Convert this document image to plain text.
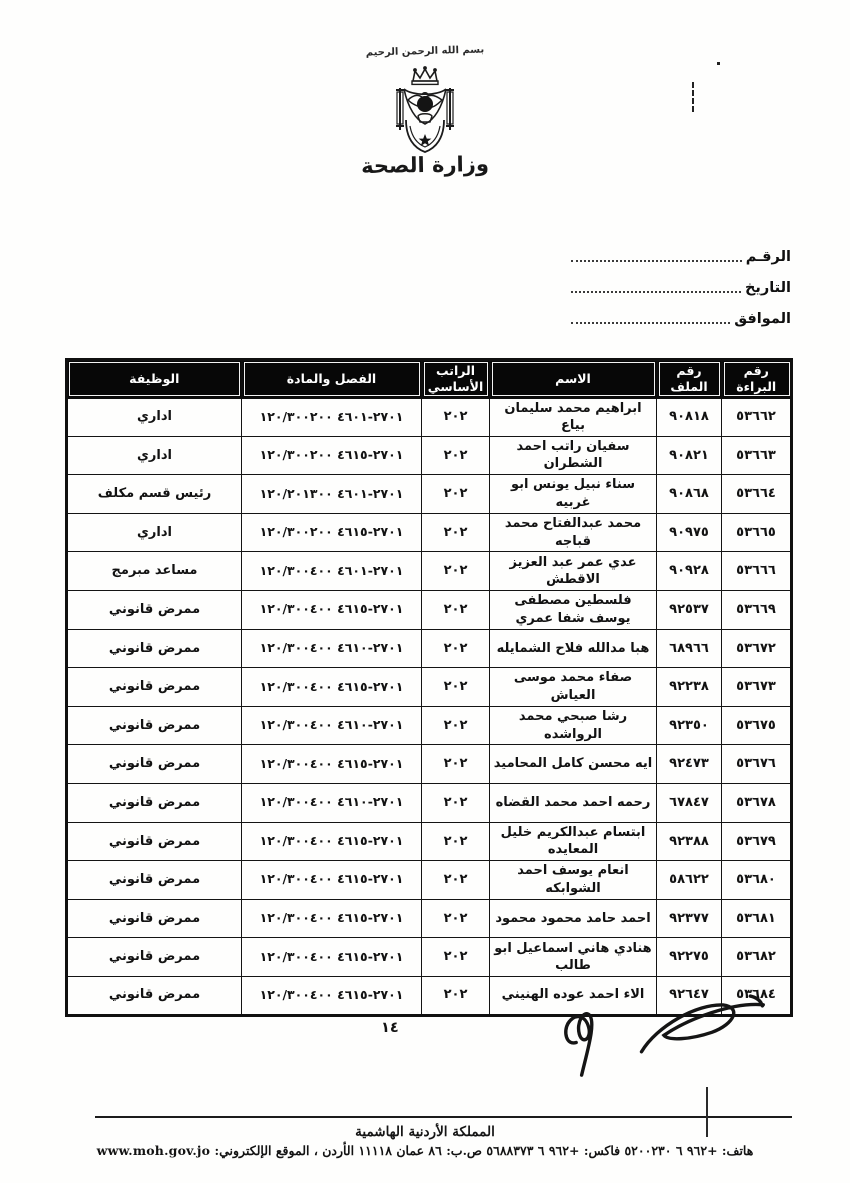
بسم الله الرحمن الرحيم
وزارة الصحة
الرقـم
التاريخ
الموافق
رقم البراءة	رقم الملف	الاسم	الراتب الأساسي	الفصل والمادة	الوظيفة
٥٣٦٦٢	٩٠٨١٨	ابراهيم محمد سليمان بياع	٢٠٢	٢٧٠١-٤٦٠١ ١٢٠/٣٠٠٢٠٠	اداري
٥٣٦٦٣	٩٠٨٢١	سفيان راتب احمد الشطران	٢٠٢	٢٧٠١-٤٦١٥ ١٢٠/٣٠٠٢٠٠	اداري
٥٣٦٦٤	٩٠٨٦٨	سناء نبيل يونس ابو غربيه	٢٠٢	٢٧٠١-٤٦٠١ ١٢٠/٢٠١٣٠٠	رئيس قسم مكلف
٥٣٦٦٥	٩٠٩٧٥	محمد عبدالفتاح محمد قباجه	٢٠٢	٢٧٠١-٤٦١٥ ١٢٠/٣٠٠٢٠٠	اداري
٥٣٦٦٦	٩٠٩٢٨	عدي عمر عبد العزيز الاقطش	٢٠٢	٢٧٠١-٤٦٠١ ١٢٠/٣٠٠٤٠٠	مساعد مبرمج
٥٣٦٦٩	٩٢٥٣٧	فلسطين مصطفى يوسف شفا عمري	٢٠٢	٢٧٠١-٤٦١٥ ١٢٠/٣٠٠٤٠٠	ممرض قانوني
٥٣٦٧٢	٦٨٩٦٦	هبا مدالله فلاح الشمايله	٢٠٢	٢٧٠١-٤٦١٠ ١٢٠/٣٠٠٤٠٠	ممرض قانوني
٥٣٦٧٣	٩٢٢٣٨	صفاء محمد موسى العياش	٢٠٢	٢٧٠١-٤٦١٥ ١٢٠/٣٠٠٤٠٠	ممرض قانوني
٥٣٦٧٥	٩٢٣٥٠	رشا صبحي محمد الرواشده	٢٠٢	٢٧٠١-٤٦١٠ ١٢٠/٣٠٠٤٠٠	ممرض قانوني
٥٣٦٧٦	٩٢٤٧٣	ايه محسن كامل المحاميد	٢٠٢	٢٧٠١-٤٦١٥ ١٢٠/٣٠٠٤٠٠	ممرض قانوني
٥٣٦٧٨	٦٧٨٤٧	رحمه احمد محمد القضاه	٢٠٢	٢٧٠١-٤٦١٠ ١٢٠/٣٠٠٤٠٠	ممرض قانوني
٥٣٦٧٩	٩٢٣٨٨	ابتسام عبدالكريم خليل المعايده	٢٠٢	٢٧٠١-٤٦١٥ ١٢٠/٣٠٠٤٠٠	ممرض قانوني
٥٣٦٨٠	٥٨٦٢٢	انعام يوسف احمد الشوابكه	٢٠٢	٢٧٠١-٤٦١٥ ١٢٠/٣٠٠٤٠٠	ممرض قانوني
٥٣٦٨١	٩٢٣٧٧	احمد حامد محمود محمود	٢٠٢	٢٧٠١-٤٦١٥ ١٢٠/٣٠٠٤٠٠	ممرض قانوني
٥٣٦٨٢	٩٢٢٧٥	هنادي هاني اسماعيل ابو طالب	٢٠٢	٢٧٠١-٤٦١٥ ١٢٠/٣٠٠٤٠٠	ممرض قانوني
٥٣٦٨٤	٩٢٦٤٧	الاء احمد عوده الهنيني	٢٠٢	٢٧٠١-٤٦١٥ ١٢٠/٣٠٠٤٠٠	ممرض قانوني
١٤
المملكة الأردنية الهاشمية
هاتف: +٩٦٢ ٦ ٥٢٠٠٢٣٠ فاكس: +٩٦٢ ٦ ٥٦٨٨٣٧٣ ص.ب: ٨٦ عمان ١١١١٨ الأردن ، الموقع الإلكتروني: www.moh.gov.jo
